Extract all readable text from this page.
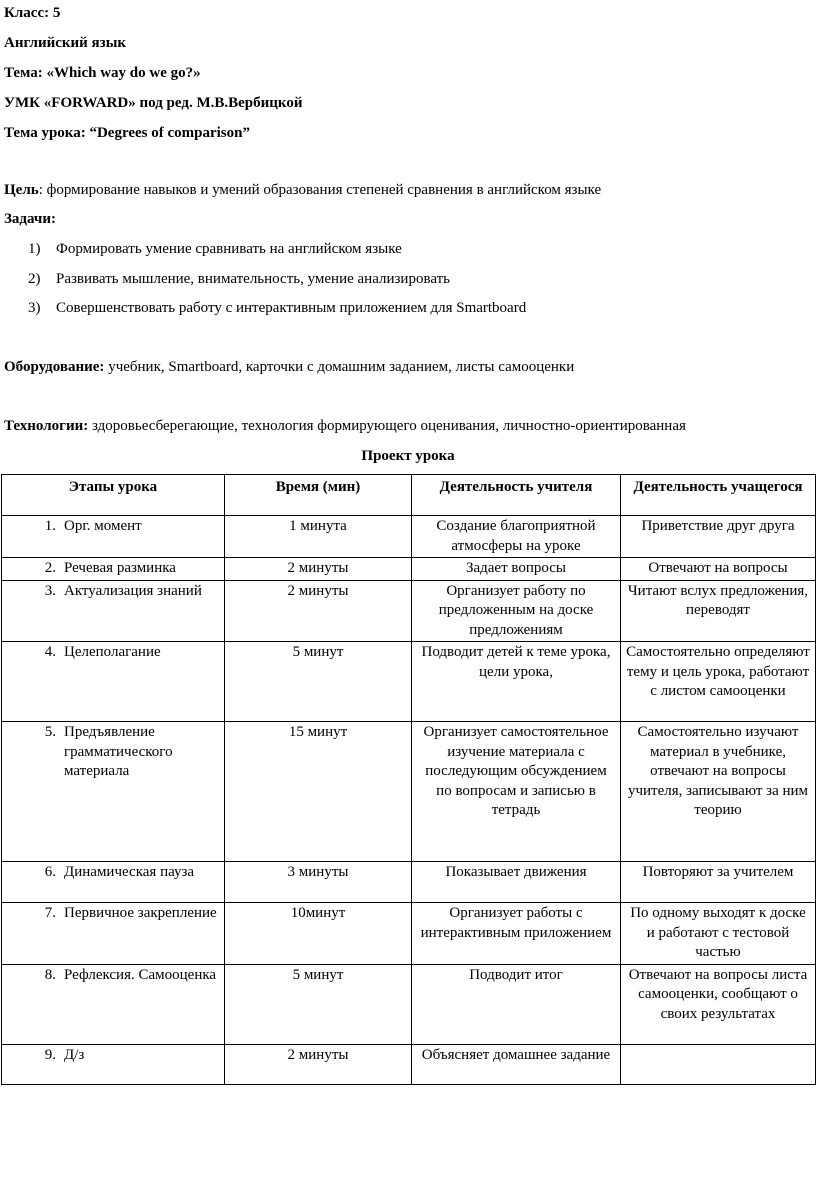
Класс: 5
Английский язык
Тема: «Which way do we go?»
УМК «FORWARD» под ред. М.В.Вербицкой
Тема урока: “Degrees of comparison”
Цель: формирование навыков и умений образования степеней сравнения в английском языке
Задачи:
1) Формировать умение сравнивать на английском языке
2) Развивать мышление, внимательность, умение анализировать
3) Совершенствовать работу с интерактивным приложением для Smartboard
Оборудование: учебник, Smartboard, карточки с домашним заданием, листы самооценки
Технологии: здоровьесберегающие, технология формирующего оценивания, личностно-ориентированная
Проект урока
Этапы урока	Время (мин)	Деятельность учителя	Деятельность учащегося

1. Орг. момент	1 минута	Создание благоприятной атмосферы на уроке	Приветствие друг друга

2. Речевая разминка	2 минуты	Задает вопросы	Отвечают на вопросы

3. Актуализация знаний	2 минуты	Организует работу по предложенным на доске предложениям	Читают вслух предложения, переводят

4. Целеполагание	5 минут	Подводит детей к теме урока, цели урока,	Самостоятельно определяют тему и цель урока, работают с листом самооценки

5. Предъявление грамматического материала	15 минут	Организует самостоятельное изучение материала с последующим обсуждением по вопросам и записью в тетрадь	Самостоятельно изучают материал в учебнике, отвечают на вопросы учителя, записывают за ним теорию

6. Динамическая пауза	3 минуты	Показывает движения	Повторяют за учителем

7. Первичное закрепление	10минут	Организует работы с интерактивным приложением	По одному выходят к доске и работают с тестовой частью

8. Рефлексия. Самооценка	5 минут	Подводит итог	Отвечают на вопросы листа самооценки, сообщают о своих результатах

9. Д/з	2 минуты	Объясняет домашнее задание	
